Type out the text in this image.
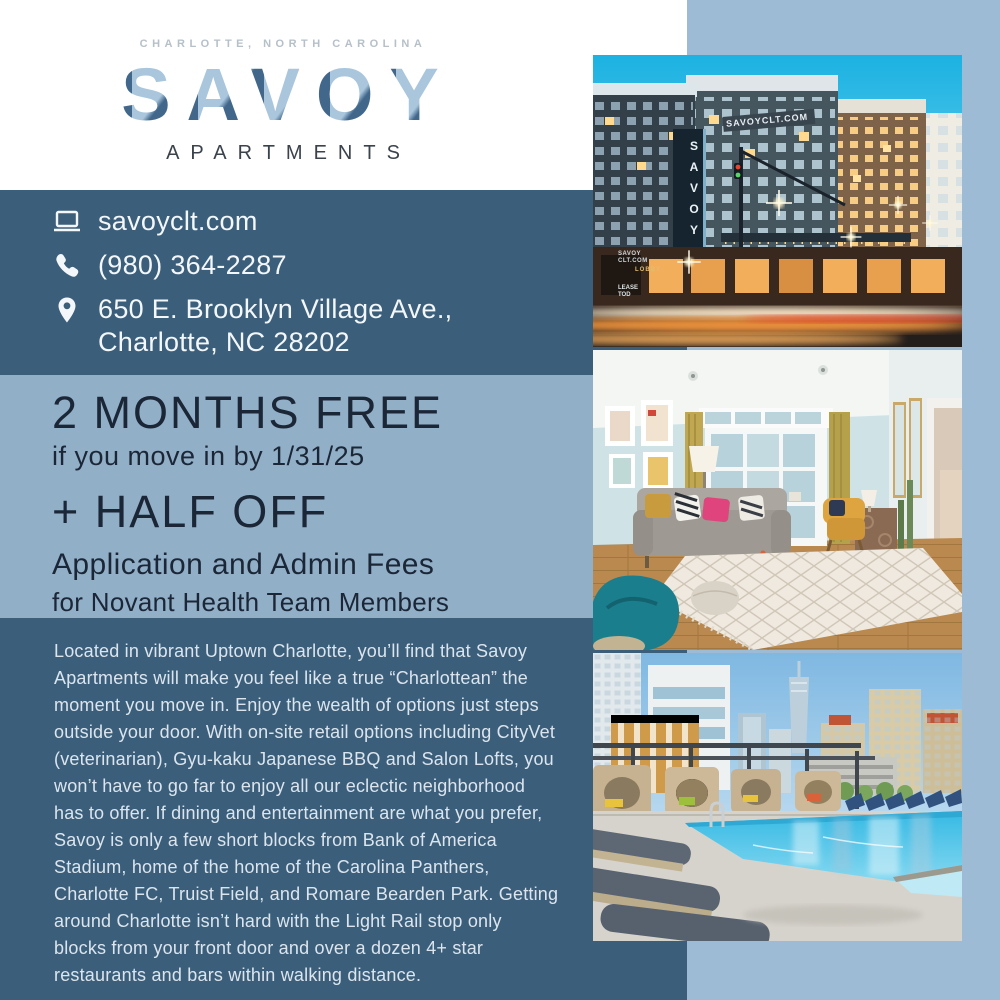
CHARLOTTE, NORTH CAROLINA
SAVOY
APARTMENTS
savoyclt.com
(980) 364-2287
650 E. Brooklyn Village Ave.,
Charlotte, NC 28202
2 MONTHS FREE
if you move in by 1/31/25
+ HALF OFF
Application and Admin Fees
for Novant Health Team Members
Located in vibrant Uptown Charlotte, you’ll find that Savoy Apartments will make you feel like a true “Charlottean” the moment you move in. Enjoy the wealth of options just steps outside your door. With on-site retail options including CityVet (veterinarian), Gyu-kaku Japanese BBQ and Salon Lofts, you won’t have to go far to enjoy all our eclectic neighborhood has to offer. If dining and entertainment are what you prefer, Savoy is only a few short blocks from Bank of America Stadium, home of the home of the Carolina Panthers, Charlotte FC, Truist Field, and Romare Bearden Park. Getting around Charlotte isn’t hard with the Light Rail stop only blocks from your front door and over a dozen 4+ star restaurants and bars within walking distance.
SAVOY
SAVOYCLT.COM
SAVOY CLT.COM
LOBBY
LEASE TOD
